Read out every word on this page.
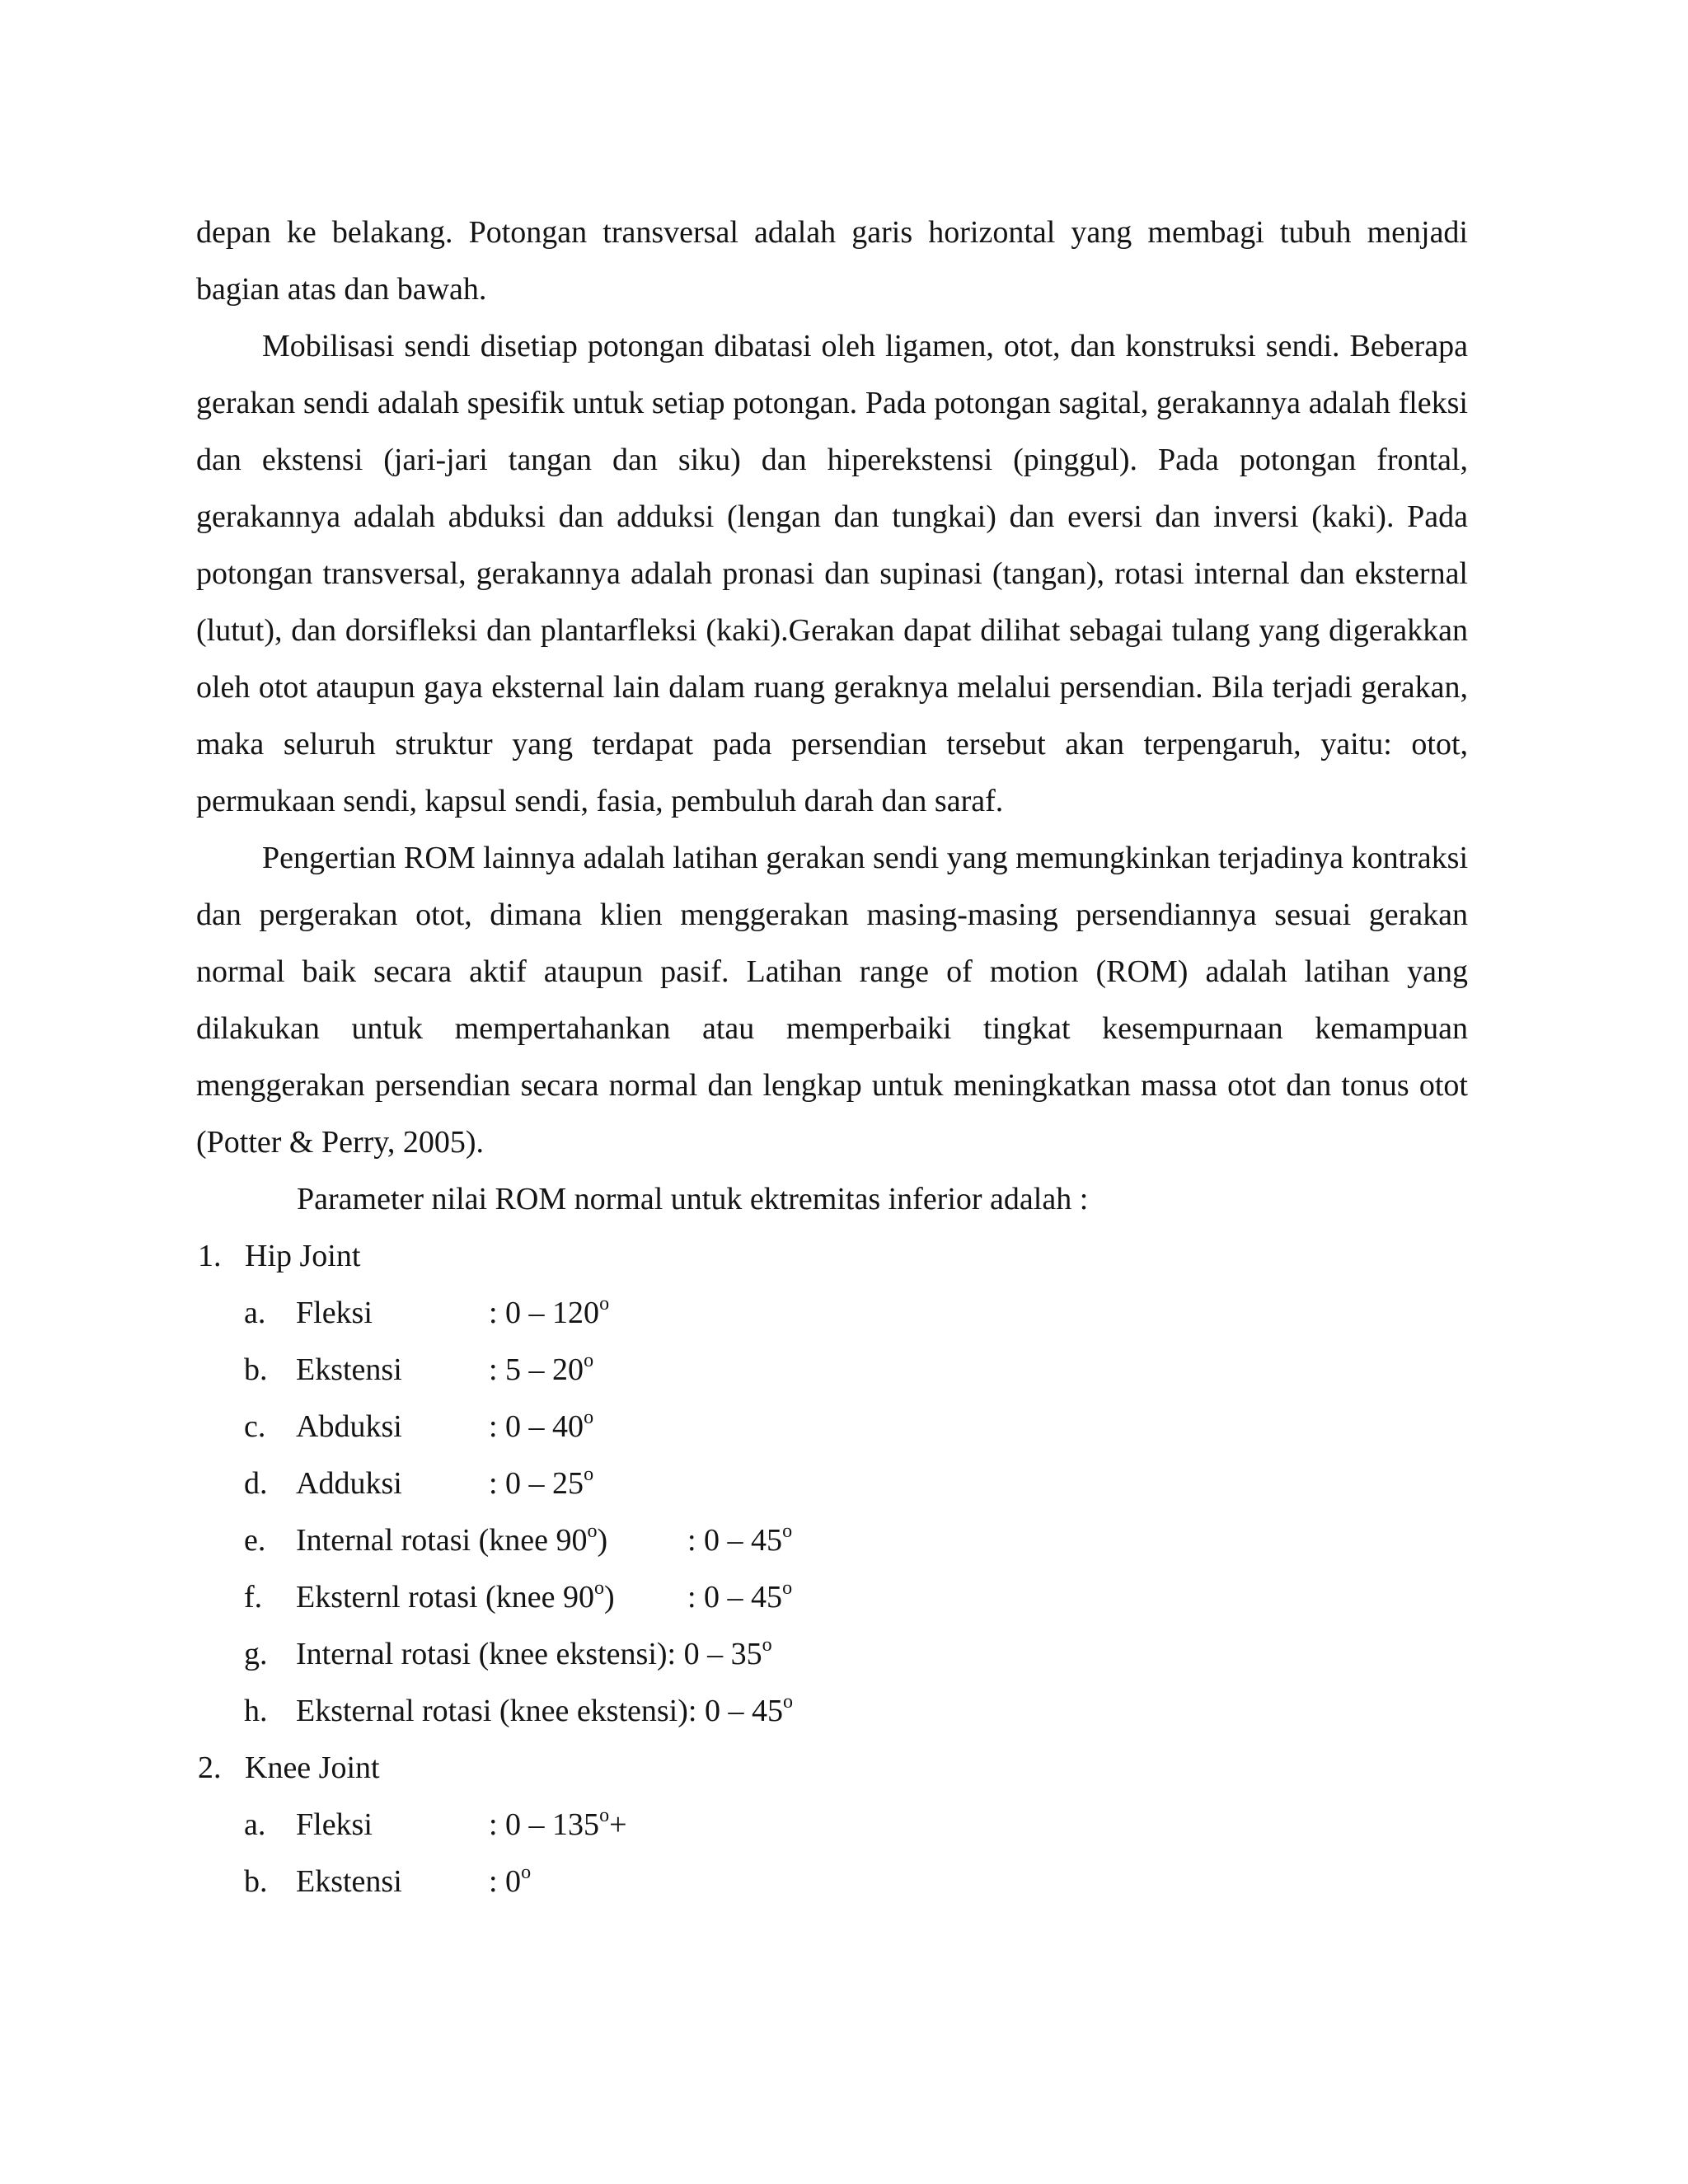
depan ke belakang. Potongan transversal adalah garis horizontal yang membagi tubuh menjadi bagian atas dan bawah.

Mobilisasi sendi disetiap potongan dibatasi oleh ligamen, otot, dan konstruksi sendi. Beberapa gerakan sendi adalah spesifik untuk setiap potongan. Pada potongan sagital, gerakannya adalah fleksi dan ekstensi (jari-jari tangan dan siku) dan hiperekstensi (pinggul). Pada potongan frontal, gerakannya adalah abduksi dan adduksi (lengan dan tungkai) dan eversi dan inversi (kaki). Pada potongan transversal, gerakannya adalah pronasi dan supinasi (tangan), rotasi internal dan eksternal (lutut), dan dorsifleksi dan plantarfleksi (kaki).Gerakan dapat dilihat sebagai tulang yang digerakkan oleh otot ataupun gaya eksternal lain dalam ruang geraknya melalui persendian. Bila terjadi gerakan, maka seluruh struktur yang terdapat pada persendian tersebut akan terpengaruh, yaitu: otot, permukaan sendi, kapsul sendi, fasia, pembuluh darah dan saraf.

Pengertian ROM lainnya adalah latihan gerakan sendi yang memungkinkan terjadinya kontraksi dan pergerakan otot, dimana klien menggerakan masing-masing persendiannya sesuai gerakan normal baik secara aktif ataupun pasif. Latihan range of motion (ROM) adalah latihan yang dilakukan untuk mempertahankan atau memperbaiki tingkat kesempurnaan kemampuan menggerakan persendian secara normal dan lengkap untuk meningkatkan massa otot dan tonus otot (Potter & Perry, 2005).

Parameter nilai ROM normal untuk ektremitas inferior adalah :

1. Hip Joint
a. Fleksi	: 0 – 120$^o$
b. Ekstensi	: 5 – 20$^o$
c. Abduksi	: 0 – 40$^o$
d. Adduksi	: 0 – 25$^o$
e. Internal rotasi (knee 90$^o$)	: 0 – 45$^o$
f. Eksternl rotasi (knee 90$^o$) : 0 – 45$^o$
g. Internal rotasi (knee ekstensi): 0 – 35$^o$
h. Eksternal rotasi (knee ekstensi): 0 – 45$^o$
2. Knee Joint
a. Fleksi	: $0 - 135^o+$
b. Ekstensi	: 0$^o$
